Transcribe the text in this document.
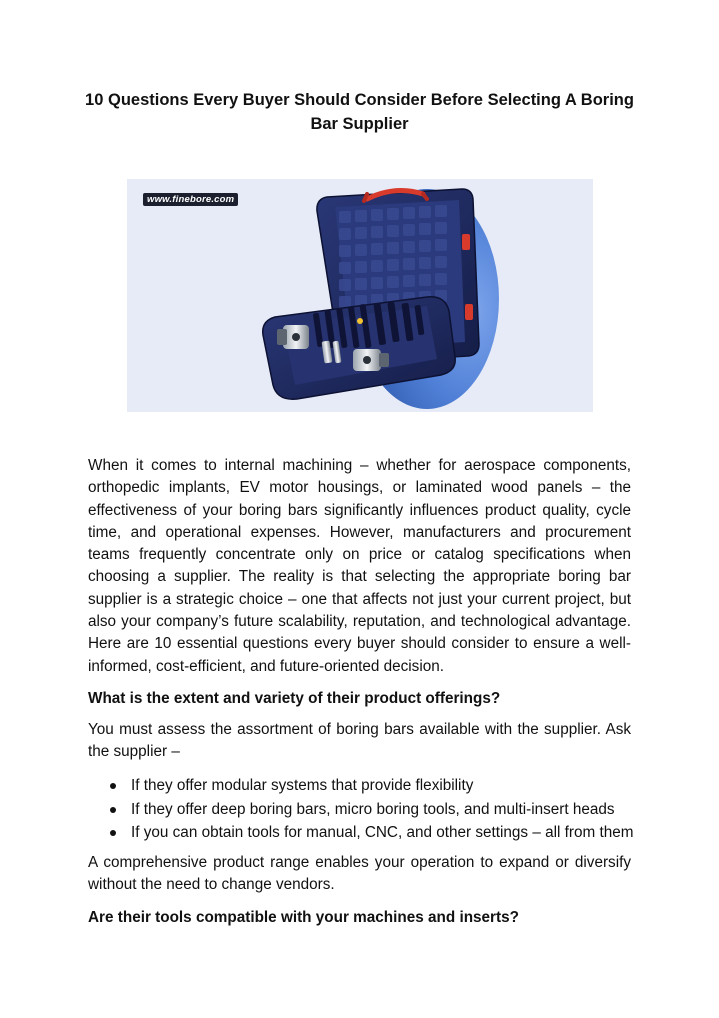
10 Questions Every Buyer Should Consider Before Selecting A Boring Bar Supplier
www.finebore.com

When it comes to internal machining – whether for aerospace components, orthopedic implants, EV motor housings, or laminated wood panels – the effectiveness of your boring bars significantly influences product quality, cycle time, and operational expenses. However, manufacturers and procurement teams frequently concentrate only on price or catalog specifications when choosing a supplier. The reality is that selecting the appropriate boring bar supplier is a strategic choice – one that affects not just your current project, but also your company’s future scalability, reputation, and technological advantage. Here are 10 essential questions every buyer should consider to ensure a well-informed, cost-efficient, and future-oriented decision.

What is the extent and variety of their product offerings?

You must assess the assortment of boring bars available with the supplier. Ask the supplier –

If they offer modular systems that provide flexibility
If they offer deep boring bars, micro boring tools, and multi-insert heads
If you can obtain tools for manual, CNC, and other settings – all from them

A comprehensive product range enables your operation to expand or diversify without the need to change vendors.

Are their tools compatible with your machines and inserts?
